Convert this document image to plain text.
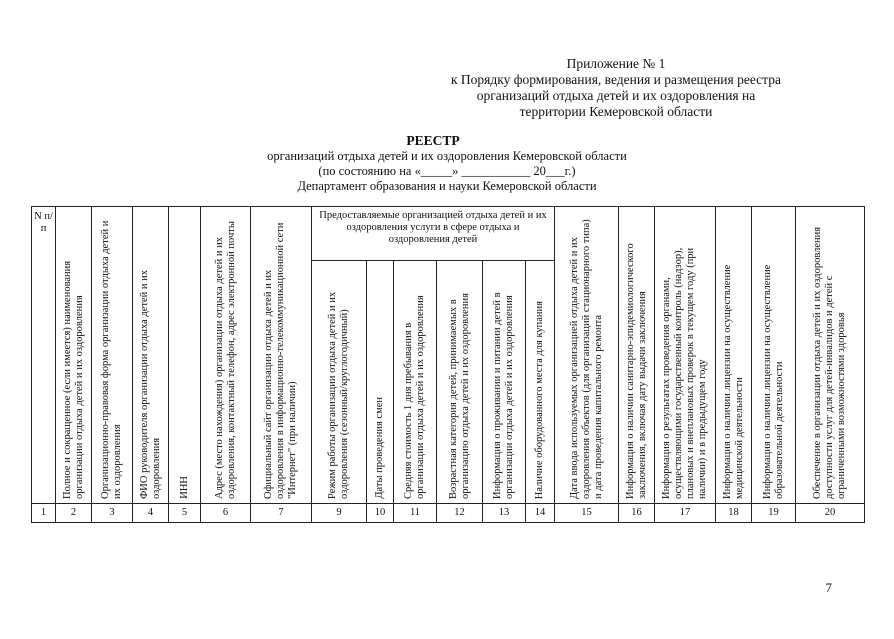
Приложение № 1
к Порядку формирования, ведения и размещения реестра
организаций отдыха детей и их оздоровления на
территории Кемеровской области
РЕЕСТР
организаций отдыха детей и их оздоровления Кемеровской области
(по состоянию на «_____» ___________ 20___г.)
Департамент образования и науки Кемеровской области
N п/п	Полное и сокращенное (если имеется) наименования организации отдыха детей и их оздоровления	Организационно-правовая форма организации отдыха детей и их оздоровления	ФИО руководителя организации отдыха детей и их оздоровления	ИНН	Адрес (место нахождения) организации отдыха детей и их оздоровления, контактный телефон, адрес электронной почты	Официальный сайт организации отдыха детей и их оздоровления в информационно-телекоммуникационной сети "Интернет" (при наличии)	Предоставляемые организацией отдыха детей и их оздоровления услуги в сфере отдыха и оздоровления детей						Дата ввода используемых организацией отдыха детей и их оздоровления объектов (для организаций стационарного типа) и дата проведения капитального ремонта	Информация о наличии санитарно-эпидемиологического заключения, включая дату выдачи заключения	Информация о результатах проведения органами, осуществляющими государственный контроль (надзор), плановых и внеплановых проверок в текущем году (при наличии) и в предыдущем году	Информация о наличии лицензии на осуществление медицинской деятельности	Информация о наличии лицензии на осуществление образовательной деятельности	Обеспечение в организации отдыха детей и их оздоровления доступности услуг для детей-инвалидов и детей с ограниченными возможностями здоровья

							Режим работы организации отдыха детей и их оздоровления (сезонный/круглогодичный)	Даты проведения смен	Средняя стоимость 1 дня пребывания в организации отдыха детей и их оздоровления	Возрастная категория детей, принимаемых в организацию отдыха детей и их оздоровления	Информация о проживании и питании детей в организации отдыха детей и их оздоровления	Наличие оборудованного места для купания						

1	2	3	4	5	6	7	9	10	11	12	13	14	15	16	17	18	19	20
7
